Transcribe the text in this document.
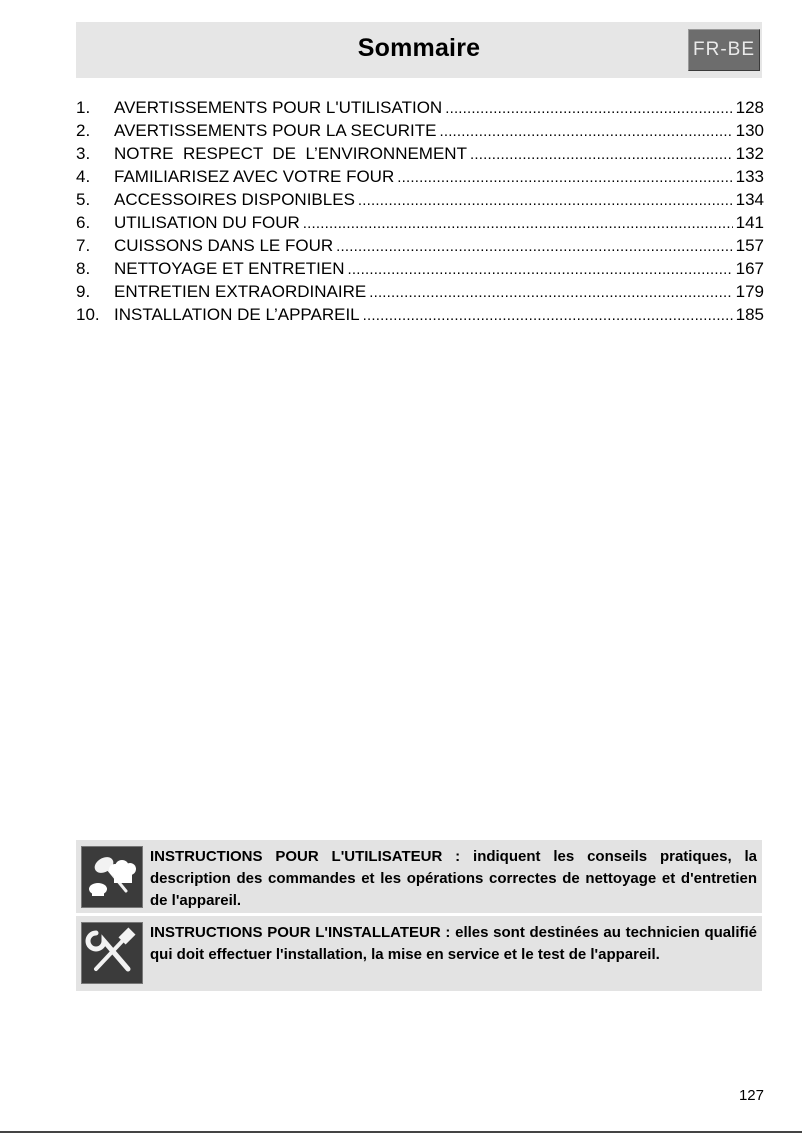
Sommaire	FR-BE
1.	AVERTISSEMENTS POUR L'UTILISATION .....	128
2.	AVERTISSEMENTS POUR LA SECURITE .....	130
3.	NOTRE  RESPECT  DE  L’ENVIRONNEMENT .....	132
4.	FAMILIARISEZ AVEC VOTRE FOUR .....	133
5.	ACCESSOIRES DISPONIBLES .....	134
6.	UTILISATION DU FOUR .....	141
7.	CUISSONS DANS LE FOUR .....	157
8.	NETTOYAGE ET ENTRETIEN .....	167
9.	ENTRETIEN EXTRAORDINAIRE .....	179
10. INSTALLATION DE L’APPAREIL .....	185
INSTRUCTIONS POUR L'UTILISATEUR : indiquent les conseils pratiques, la description des commandes et les opérations correctes de nettoyage et d'entretien de l'appareil.
INSTRUCTIONS POUR L'INSTALLATEUR : elles sont destinées au technicien qualifié qui doit effectuer l'installation, la mise en service et le test de l'appareil.
127
